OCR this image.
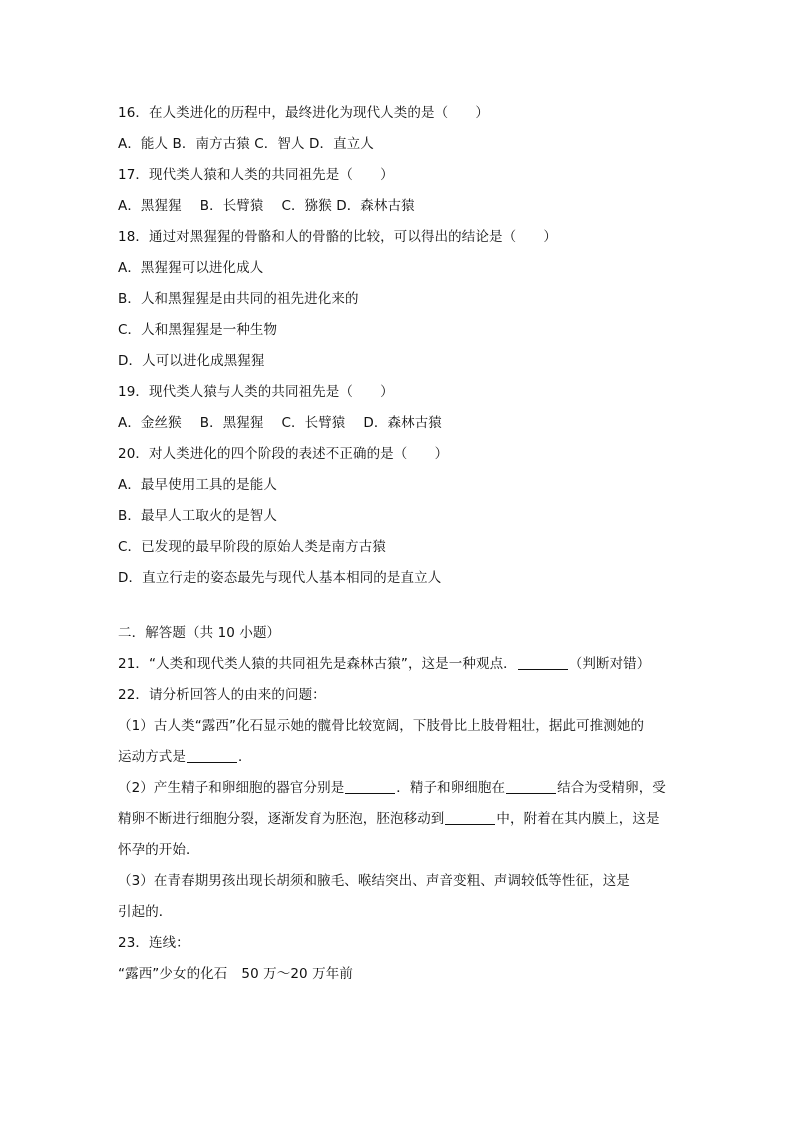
16．在人类进化的历程中，最终进化为现代人类的是（　　）
A．能人 B．南方古猿 C．智人 D．直立人
17．现代类人猿和人类的共同祖先是（　　）
A．黑猩猩　 B．长臂猿　 C．猕猴 D．森林古猿
18．通过对黑猩猩的骨骼和人的骨骼的比较，可以得出的结论是（　　）
A．黑猩猩可以进化成人
B．人和黑猩猩是由共同的祖先进化来的
C．人和黑猩猩是一种生物
D．人可以进化成黑猩猩
19．现代类人猿与人类的共同祖先是（　　）
A．金丝猴　 B．黑猩猩　 C．长臂猿　 D．森林古猿
20．对人类进化的四个阶段的表述不正确的是（　　）
A．最早使用工具的是能人
B．最早人工取火的是智人
C．已发现的最早阶段的原始人类是南方古猿
D．直立行走的姿态最先与现代人基本相同的是直立人
二．解答题（共 10 小题）
21．“人类和现代类人猿的共同祖先是森林古猿”，这是一种观点．	（判断对错）
22．请分析回答人的由来的问题：
（1）古人类“露西”化石显示她的髋骨比较宽阔，下肢骨比上肢骨粗壮，据此可推测她的
运动方式是	．
（2）产生精子和卵细胞的器官分别是	．精子和卵细胞在	结合为受精卵，受
精卵不断进行细胞分裂，逐渐发育为胚泡，胚泡移动到	中，附着在其内膜上，这是
怀孕的开始．
（3）在青春期男孩出现长胡须和腋毛、喉结突出、声音变粗、声调较低等性征，这是
引起的．
23．连线：
“露西”少女的化石 50 万～20 万年前
